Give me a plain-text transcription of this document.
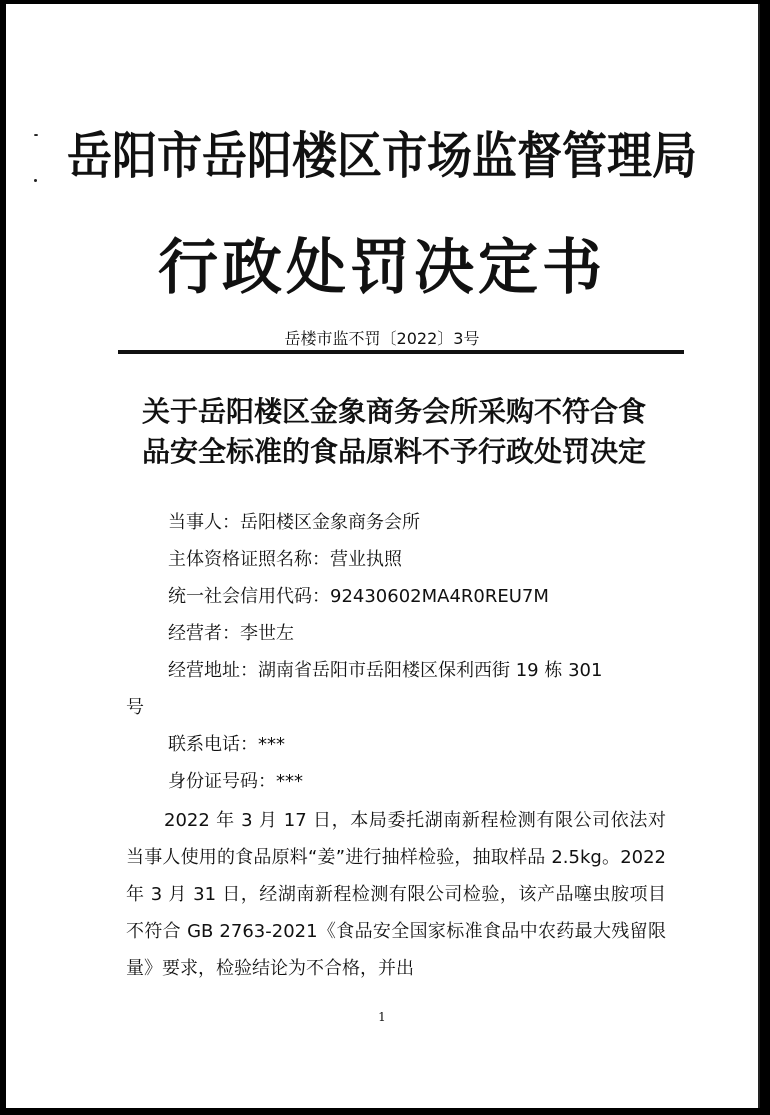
岳阳市岳阳楼区市场监督管理局
行政处罚决定书
岳楼市监不罚〔2022〕3号
关于岳阳楼区金象商务会所采购不符合食
品安全标准的食品原料不予行政处罚决定
当事人：岳阳楼区金象商务会所
主体资格证照名称：营业执照
统一社会信用代码：92430602MA4R0REU7M
经营者：李世左
经营地址：湖南省岳阳市岳阳楼区保利西街 19 栋 301
号
联系电话：***
身份证号码：***
2022 年 3 月 17 日，本局委托湖南新程检测有限公司依法对当事人使用的食品原料“姜”进行抽样检验，抽取样品 2.5kg。2022 年 3 月 31 日，经湖南新程检测有限公司检验，该产品噻虫胺项目不符合 GB 2763-2021《食品安全国家标准食品中农药最大残留限量》要求，检验结论为不合格，并出
1
